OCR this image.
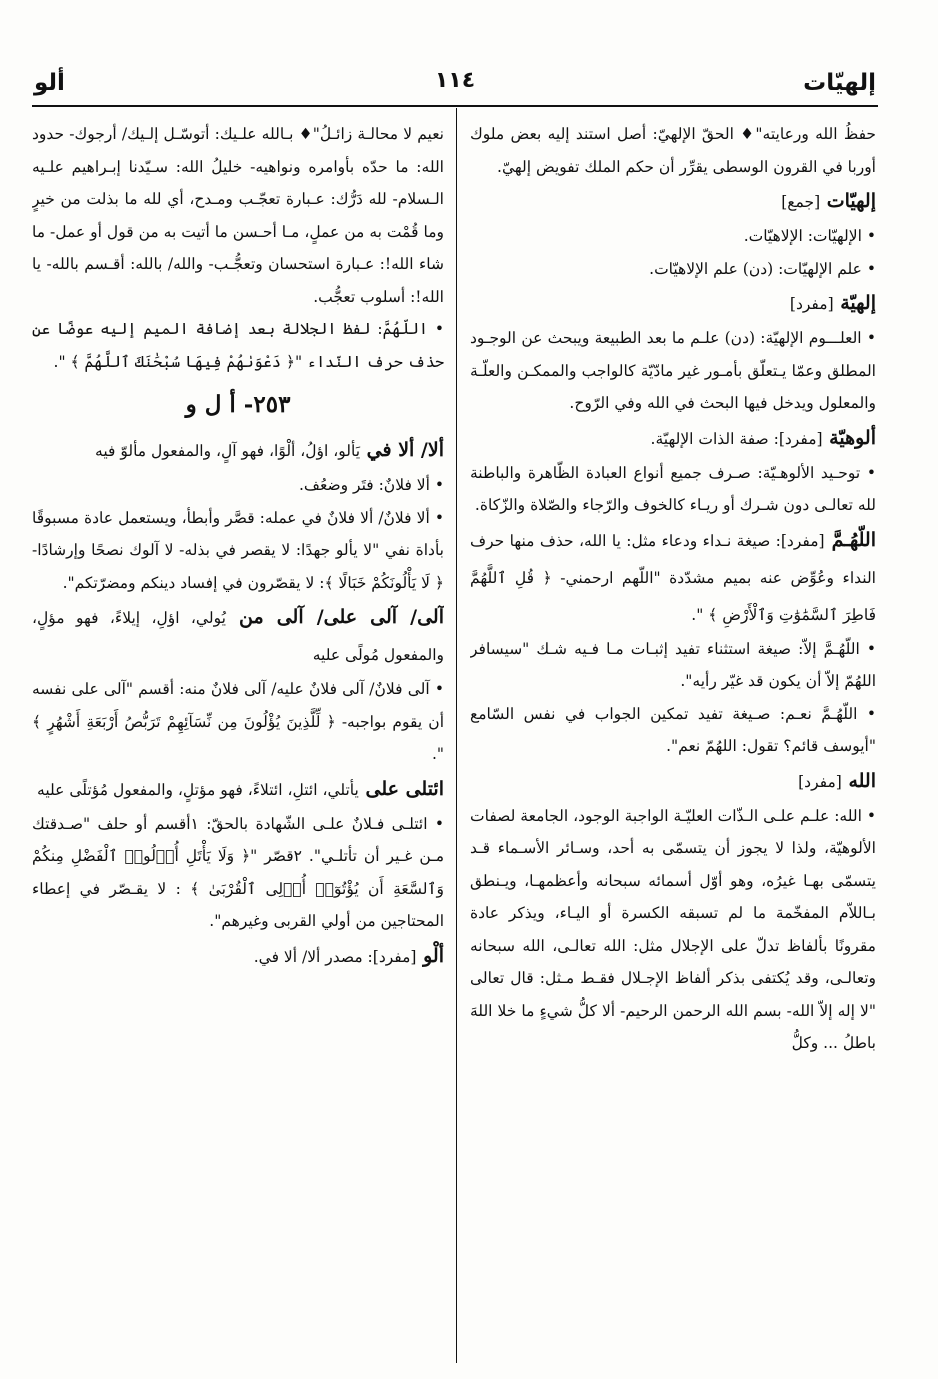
إلهيّات
١١٤
ألو

حفظُ الله ورعايته"♦ الحقّ الإلهيّ: أصل استند إليه بعض ملوك أوربا في القرون الوسطى يقرِّر أن حكم الملك تفويض إلهيّ.

إلهيّات [جمع]

• الإلهيّات: الإلاهيّات.

• علم الإلهيّات: (دن) علم الإلاهيّات.

إلهيّة [مفرد]

• العلـــوم الإلهيّة: (دن) علـم ما بعد الطبيعة ويبحث عن الوجـود المطلق وعمّا يـتعلّق بأمـور غير مادّيّة كالواجب والممكـن والعلّـة والمعلول ويدخل فيها البحث في الله وفي الرّوح.

ألوهيّة [مفرد]: صفة الذات الإلهيّة.

• توحـيد الألوهـيّة: صـرف جميع أنواع العبادة الظّاهرة والباطنة لله تعالـى دون شـرك أو ريـاء كالخوف والرّجاء والصّلاة والزّكاة.

اللّهُـمَّ [مفرد]: صيغة نـداء ودعاء مثل: يا الله، حذف منها حرف النداء وعُوِّض عنه بميم مشدّدة "اللّهم ارحمني- ﴿ قُلِ ٱللَّهُمَّ فَاطِرَ ٱلسَّمَٰوَٰتِ وَٱلْأَرْضِ ﴾ ".

• اللّهُـمَّ إلاّ: صيغة استثناء تفيد إثبـات مـا فـيه شـك "سيسافر اللهُمّ إلاّ أن يكون قد غيّر رأيه".

• اللّهُـمَّ نعـم: صـيغة تفيد تمكين الجواب في نفس السّامع "أيوسف قائم؟ تقول: اللهُمّ نعم".

الله [مفرد]

• الله: علـم علـى الـذّات العليّـة الواجبة الوجود، الجامعة لصفات الألوهيّة، ولذا لا يجوز أن يتسمّى به أحد، وسـائر الأسـماء قـد يتسمّى بهـا غيرُه، وهو أوّل أسمائه سبحانه وأعظمهـا، ويـنطق بـاللاّم المفخّمة ما لم تسبقه الكسرة أو اليـاء، ويذكر عادة مقرونًا بألفاظ تدلّ على الإجلال مثل: الله تعالـى، الله سبحانه وتعالـى، وقد يُكتفى بذكر ألفاظ الإجـلال فقـط مـثل: قال تعالى "لا إله إلاّ الله- بسم الله الرحمن الرحيم- ألا كلُّ شيءٍ ما خلا اللهَ باطلُ ... وكلُّ

نعيم لا محالـة زائـلُ"♦ بـالله علـيك: أتوسّـل إلـيك/ أرجوك- حدود الله: ما حدّه بأوامره ونواهيه- خليلُ الله: سـيّدنا إبـراهيم علـيه الـسلام- لله دَرُّك: عـبارة تعجّـب ومـدح، أي لله ما بذلت من خيرٍ وما قُمْت به من عملٍ، مـا أحـسن ما أتيت به من قول أو عمل- ما شاء الله!: عـبارة استحسان وتعجُّـب- والله/ بالله: أقـسم بالله- يا الله!: أسلوب تعجُّب.

• اللّهُمَّ: لفظ الجلالة بعد إضافة الميم إليه عوضًا عن حذف حرف النّداء "﴿ دَعْوَىٰهُمْ فِيهَا سُبْحَٰنَكَ ٱللَّهُمَّ ﴾ ".

٢٥٣- أ ل و

ألا/ ألا في يَألو، اؤلُ، ألْوًا، فهو آلٍ، والمفعول مألوّ فيه

• ألا فلانٌ: فتَر وضعُف.

• ألا فلانٌ/ ألا فلانٌ في عمله: قصَّر وأبطأ، ويستعمل عادة مسبوقًا بأداة نفي "لا يألو جهدًا: لا يقصر في بذله- لا آلوك نصحًا وإرشادًا- ﴿ لَا يَأْلُونَكُمْ خَبَالًا ﴾: لا يقصّرون في إفساد دينكم ومضرّتكم".

آلى/ آلى على/ آلى من يُولي، اؤلِ، إيلاءً، فهو مؤلٍ، والمفعول مُولًى عليه

• آلى فلانٌ/ آلى فلانٌ عليه/ آلى فلانٌ منه: أقسم "آلى على نفسه أن يقوم بواجبه- ﴿ لِّلَّذِينَ يُؤْلُونَ مِن نِّسَآئِهِمْ تَرَبُّصُ أَرْبَعَةِ أَشْهُرٍ ﴾ ".

ائتلى على يأتلي، ائتلِ، ائتلاءً، فهو مؤتلٍ، والمفعول مُؤتلًى عليه

• ائتلـى فـلانٌ علـى الشّهادة بالحقّ: ١أقسم أو حلف "صـدقتك مـن غـير أن تأتلـي". ٢قصّر "﴿ وَلَا يَأْتَلِ أُو۟لُوا۟ ٱلْفَضْلِ مِنكُمْ وَٱلسَّعَةِ أَن يُؤْتُوٓا۟ أُو۟لِى ٱلْقُرْبَىٰ ﴾ : لا يقـصّر في إعطاء المحتاجين من أولي القربى وغيرهم".

ألْو [مفرد]: مصدر ألا/ ألا في.
